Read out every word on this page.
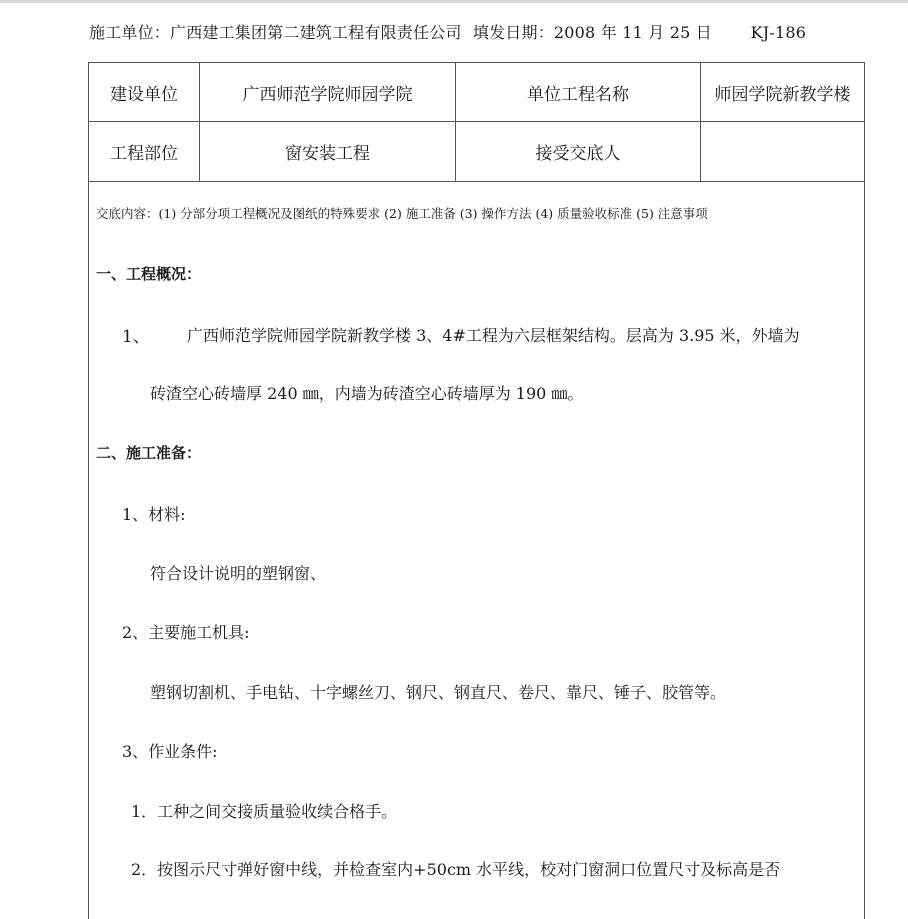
施工单位：广西建工集团第二建筑工程有限责任公司 填发日期：2008 年 11 月 25 日 KJ-186
建设单位	广西师范学院师园学院	单位工程名称	师园学院新教学楼
工程部位	窗安装工程	接受交底人	
交底内容：(1) 分部分项工程概况及图纸的特殊要求 (2) 施工准备 (3) 操作方法 (4) 质量验收标准 (5) 注意事项
一、工程概况：
1、 广西师范学院师园学院新教学楼 3、4#工程为六层框架结构。层高为 3.95 米，外墙为
砖渣空心砖墙厚 240 ㎜，内墙为砖渣空心砖墙厚为 190 ㎜。
二、施工准备：
1、材料:
符合设计说明的塑钢窗、
2、主要施工机具:
塑钢切割机、手电钻、十字螺丝刀、钢尺、钢直尺、卷尺、靠尺、锤子、胶管等。
3、作业条件:
1．工种之间交接质量验收续合格手。
2．按图示尺寸弹好窗中线，并检查室内+50cm 水平线，校对门窗洞口位置尺寸及标高是否
